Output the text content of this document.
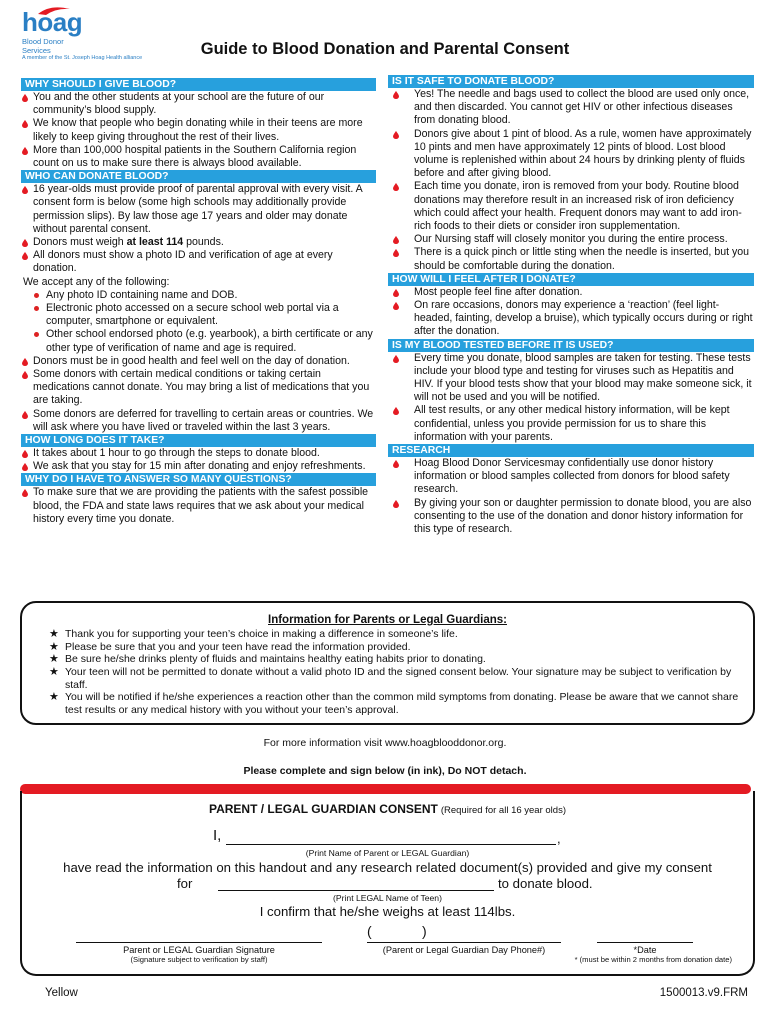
hoag
Blood Donor
Services
A member of the St. Joseph Hoag Health alliance	Guide to Blood Donation and Parental Consent
WHY SHOULD I GIVE BLOOD?
You and the other students at your school are the future of our community’s blood supply.
We know that people who begin donating while in their teens are more likely to keep giving throughout the rest of their lives.
More than 100,000 hospital patients in the Southern California region count on us to make sure there is always blood available.
WHO CAN DONATE BLOOD?
16 year-olds must provide proof of parental approval with every visit. A consent form is below (some high schools may additionally provide permission slips). By law those age 17 years and older may donate without parental consent.
Donors must weigh at least 114 pounds.
All donors must show a photo ID and verification of age at every donation.
We accept any of the following:
Any photo ID containing name and DOB.
Electronic photo accessed on a secure school web portal via a computer, smartphone or equivalent.
Other school endorsed photo (e.g. yearbook), a birth certificate or any other type of verification of name and age is required.
Donors must be in good health and feel well on the day of donation.
Some donors with certain medical conditions or taking certain medications cannot donate. You may bring a list of medications that you are taking.
Some donors are deferred for travelling to certain areas or countries. We will ask where you have lived or traveled within the last 3 years.
HOW LONG DOES IT TAKE?
It takes about 1 hour to go through the steps to donate blood.
We ask that you stay for 15 min after donating and enjoy refreshments.
WHY DO I HAVE TO ANSWER SO MANY QUESTIONS?
To make sure that we are providing the patients with the safest possible blood, the FDA and state laws requires that we ask about your medical history every time you donate.
IS IT SAFE TO DONATE BLOOD?
Yes! The needle and bags used to collect the blood are used only once, and then discarded. You cannot get HIV or other infectious diseases from donating blood.
Donors give about 1 pint of blood. As a rule, women have approximately 10 pints and men have approximately 12 pints of blood. Lost blood volume is replenished within about 24 hours by drinking plenty of fluids before and after giving blood.
Each time you donate, iron is removed from your body. Routine blood donations may therefore result in an increased risk of iron deficiency which could affect your health. Frequent donors may want to add iron-rich foods to their diets or consider iron supplementation.
Our Nursing staff will closely monitor you during the entire process.
There is a quick pinch or little sting when the needle is inserted, but you should be comfortable during the donation.
HOW WILL I FEEL AFTER I DONATE?
Most people feel fine after donation.
On rare occasions, donors may experience a ‘reaction’ (feel light-headed, fainting, develop a bruise), which typically occurs during or right after the donation.
IS MY BLOOD TESTED BEFORE IT IS USED?
Every time you donate, blood samples are taken for testing. These tests include your blood type and testing for viruses such as Hepatitis and HIV. If your blood tests show that your blood may make someone sick, it will not be used and you will be notified.
All test results, or any other medical history information, will be kept confidential, unless you provide permission for us to share this information with your parents.
RESEARCH
Hoag Blood Donor Servicesmay confidentially use donor history information or blood samples collected from donors for blood safety research.
By giving your son or daughter permission to donate blood, you are also consenting to the use of the donation and donor history information for this type of research.
Information for Parents or Legal Guardians:
★ Thank you for supporting your teen’s choice in making a difference in someone’s life.
★ Please be sure that you and your teen have read the information provided.
★ Be sure he/she drinks plenty of fluids and maintains healthy eating habits prior to donating.
★ Your teen will not be permitted to donate without a valid photo ID and the signed consent below. Your signature may be subject to verification by staff.
★ You will be notified if he/she experiences a reaction other than the common mild symptoms from donating. Please be aware that we cannot share test results or any medical history with you without your teen’s approval.
For more information visit www.hoagblooddonor.org.
Please complete and sign below (in ink), Do NOT detach.
PARENT / LEGAL GUARDIAN CONSENT (Required for all 16 year olds)
I,	,
(Print Name of Parent or LEGAL Guardian)
have read the information on this handout and any research related document(s) provided and give my consent
for	to donate blood.
(Print LEGAL Name of Teen)
I confirm that he/she weighs at least 114lbs.
(	)
Parent or LEGAL Guardian Signature
(Signature subject to verification by staff)
(Parent or Legal Guardian Day Phone#)	*Date
* (must be within 2 months from donation date)
Yellow	1500013.v9.FRM
